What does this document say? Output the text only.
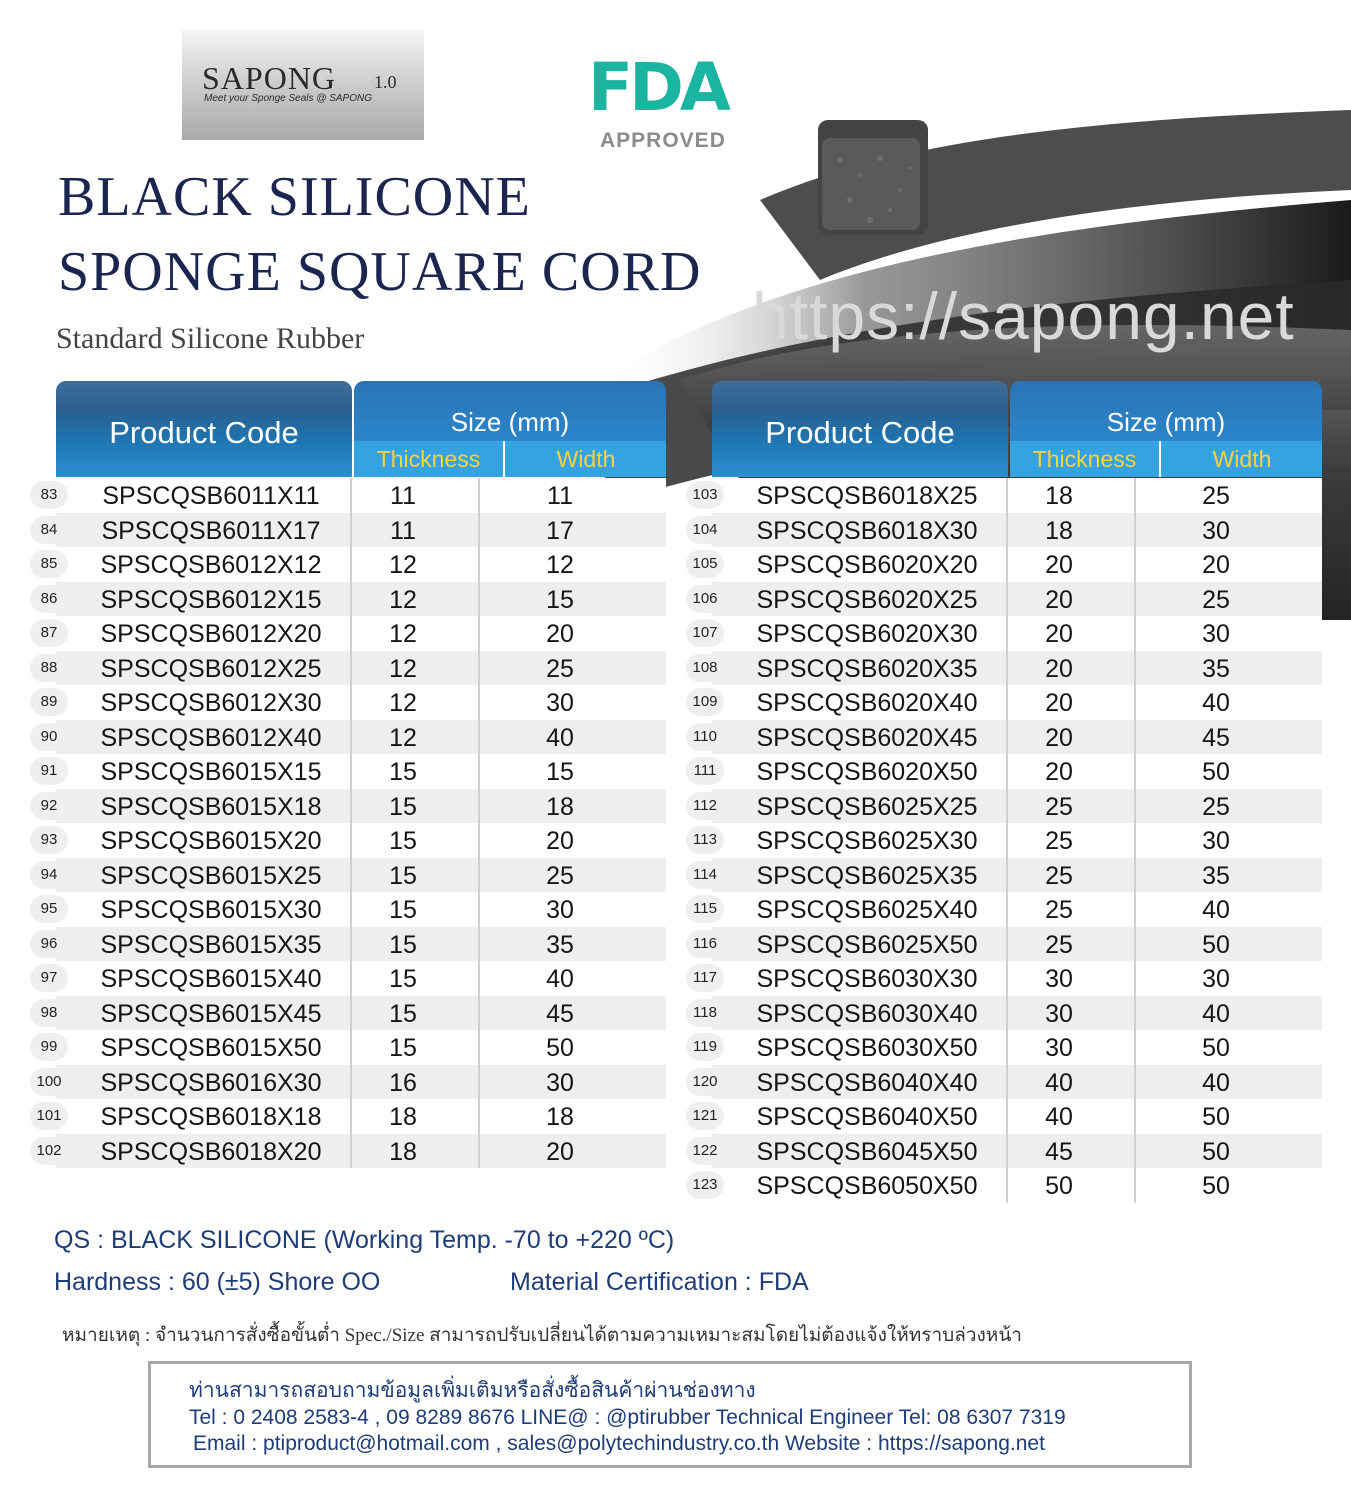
SAPONG 1.0
Meet your Sponge Seals @ SAPONG	FDA
APPROVED
BLACK SILICONE
SPONGE SQUARE CORD
Standard Silicone Rubber	https://sapong.net
Product Code	Size (mm)
Thickness	Width
83	SPSCQSB6011X11	11	11
84	SPSCQSB6011X17	11	17
85	SPSCQSB6012X12	12	12
86	SPSCQSB6012X15	12	15
87	SPSCQSB6012X20	12	20
88	SPSCQSB6012X25	12	25
89	SPSCQSB6012X30	12	30
90	SPSCQSB6012X40	12	40
91	SPSCQSB6015X15	15	15
92	SPSCQSB6015X18	15	18
93	SPSCQSB6015X20	15	20
94	SPSCQSB6015X25	15	25
95	SPSCQSB6015X30	15	30
96	SPSCQSB6015X35	15	35
97	SPSCQSB6015X40	15	40
98	SPSCQSB6015X45	15	45
99	SPSCQSB6015X50	15	50
100	SPSCQSB6016X30	16	30
101	SPSCQSB6018X18	18	18
102	SPSCQSB6018X20	18	20
Product Code	Size (mm)
Thickness	Width
103	SPSCQSB6018X25	18	25
104	SPSCQSB6018X30	18	30
105	SPSCQSB6020X20	20	20
106	SPSCQSB6020X25	20	25
107	SPSCQSB6020X30	20	30
108	SPSCQSB6020X35	20	35
109	SPSCQSB6020X40	20	40
110	SPSCQSB6020X45	20	45
111	SPSCQSB6020X50	20	50
112	SPSCQSB6025X25	25	25
113	SPSCQSB6025X30	25	30
114	SPSCQSB6025X35	25	35
115	SPSCQSB6025X40	25	40
116	SPSCQSB6025X50	25	50
117	SPSCQSB6030X30	30	30
118	SPSCQSB6030X40	30	40
119	SPSCQSB6030X50	30	50
120	SPSCQSB6040X40	40	40
121	SPSCQSB6040X50	40	50
122	SPSCQSB6045X50	45	50
123	SPSCQSB6050X50	50	50
QS : BLACK SILICONE (Working Temp. -70 to +220 ºC)
Hardness : 60 (±5) Shore OO	Material Certification : FDA
หมายเหตุ : จำนวนการสั่งซื้อขั้นต่ำ Spec./Size สามารถปรับเปลี่ยนได้ตามความเหมาะสมโดยไม่ต้องแจ้งให้ทราบล่วงหน้า
ท่านสามารถสอบถามข้อมูลเพิ่มเติมหรือสั่งซื้อสินค้าผ่านช่องทาง
Tel : 0 2408 2583-4 , 09 8289 8676 LINE@ : @ptirubber Technical Engineer Tel: 08 6307 7319
Email : ptiproduct@hotmail.com , sales@polytechindustry.co.th Website : https://sapong.net
